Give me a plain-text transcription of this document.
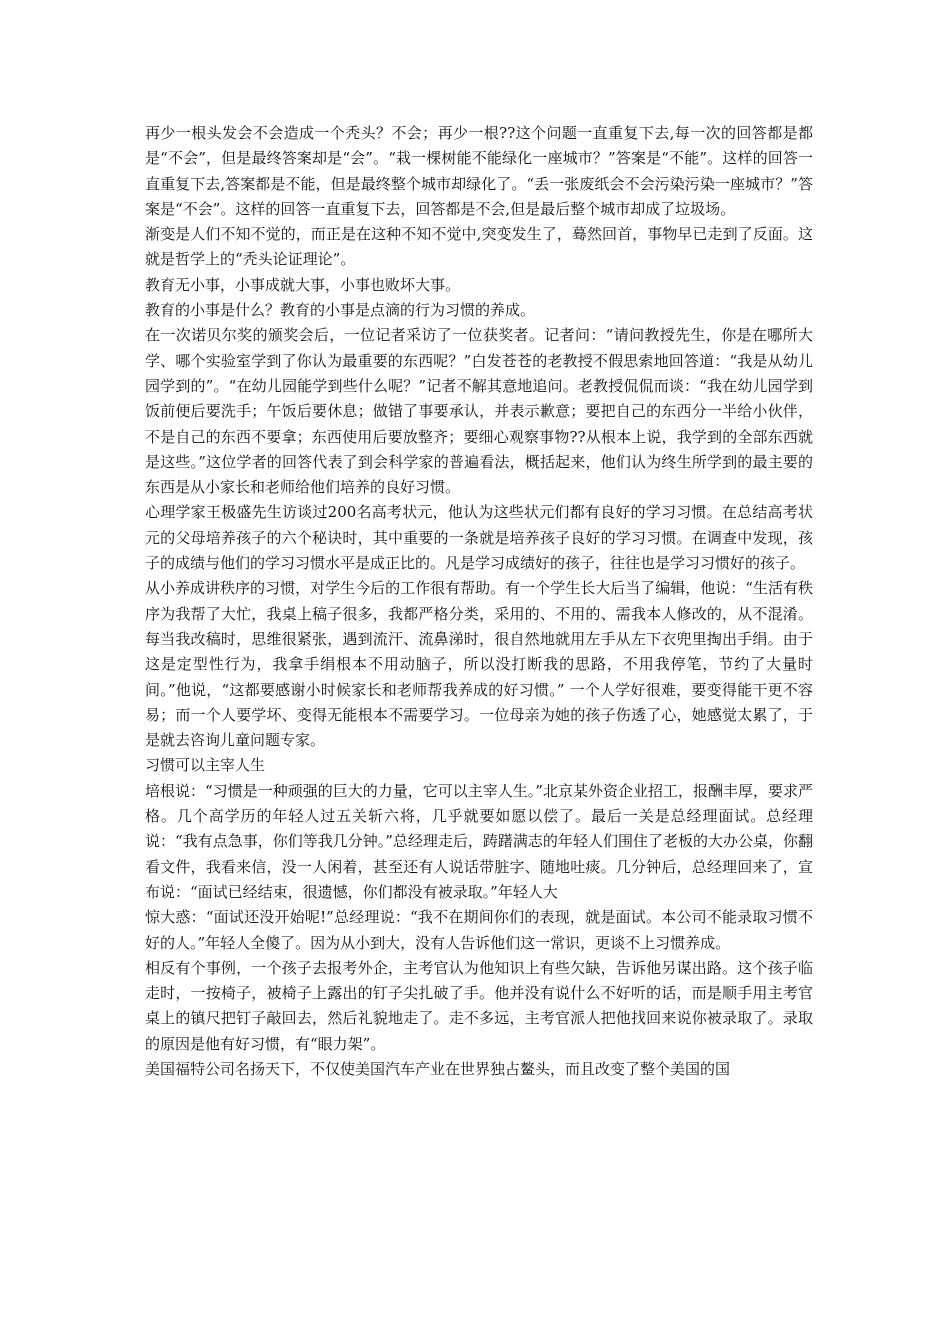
再少一根头发会不会造成一个秃头？不会；再少一根??这个问题一直重复下去,每一次的回答都是都是“不会”，但是最终答案却是“会”。“栽一棵树能不能绿化一座城市？”答案是“不能”。这样的回答一直重复下去,答案都是不能，但是最终整个城市却绿化了。“丢一张废纸会不会污染污染一座城市？”答案是“不会”。这样的回答一直重复下去，回答都是不会,但是最后整个城市却成了垃圾场。

渐变是人们不知不觉的，而正是在这种不知不觉中,突变发生了，蓦然回首，事物早已走到了反面。这就是哲学上的“秃头论证理论”。

教育无小事，小事成就大事，小事也败坏大事。

教育的小事是什么？教育的小事是点滴的行为习惯的养成。

在一次诺贝尔奖的颁奖会后，一位记者采访了一位获奖者。记者问：“请问教授先生，你是在哪所大学、哪个实验室学到了你认为最重要的东西呢？”白发苍苍的老教授不假思索地回答道：“我是从幼儿园学到的”。“在幼儿园能学到些什么呢？”记者不解其意地追问。老教授侃侃而谈：“我在幼儿园学到饭前便后要洗手；午饭后要休息；做错了事要承认，并表示歉意；要把自己的东西分一半给小伙伴，不是自己的东西不要拿；东西使用后要放整齐；要细心观察事物??从根本上说，我学到的全部东西就是这些。”这位学者的回答代表了到会科学家的普遍看法，概括起来，他们认为终生所学到的最主要的东西是从小家长和老师给他们培养的良好习惯。

心理学家王极盛先生访谈过200名高考状元，他认为这些状元们都有良好的学习习惯。在总结高考状元的父母培养孩子的六个秘诀时，其中重要的一条就是培养孩子良好的学习习惯。在调查中发现，孩子的成绩与他们的学习习惯水平是成正比的。凡是学习成绩好的孩子，往往也是学习习惯好的孩子。

从小养成讲秩序的习惯，对学生今后的工作很有帮助。有一个学生长大后当了编辑，他说：“生活有秩序为我帮了大忙，我桌上稿子很多，我都严格分类，采用的、不用的、需我本人修改的，从不混淆。每当我改稿时，思维很紧张，遇到流汗、流鼻涕时，很自然地就用左手从左下衣兜里掏出手绢。由于这是定型性行为，我拿手绢根本不用动脑子，所以没打断我的思路，不用我停笔，节约了大量时间。”他说，“这都要感谢小时候家长和老师帮我养成的好习惯。” 一个人学好很难，要变得能干更不容易；而一个人要学坏、变得无能根本不需要学习。一位母亲为她的孩子伤透了心，她感觉太累了，于是就去咨询儿童问题专家。

习惯可以主宰人生

培根说：“习惯是一种顽强的巨大的力量，它可以主宰人生。”北京某外资企业招工，报酬丰厚，要求严格。几个高学历的年轻人过五关斩六将，几乎就要如愿以偿了。最后一关是总经理面试。总经理说：“我有点急事，你们等我几分钟。”总经理走后，踌躇满志的年轻人们围住了老板的大办公桌，你翻看文件，我看来信，没一人闲着，甚至还有人说话带脏字、随地吐痰。几分钟后，总经理回来了，宣布说：“面试已经结束，很遗憾，你们都没有被录取。”年轻人大

惊大惑：“面试还没开始呢!”总经理说：“我不在期间你们的表现，就是面试。本公司不能录取习惯不好的人。”年轻人全傻了。因为从小到大，没有人告诉他们这一常识，更谈不上习惯养成。

相反有个事例，一个孩子去报考外企，主考官认为他知识上有些欠缺，告诉他另谋出路。这个孩子临走时，一按椅子，被椅子上露出的钉子尖扎破了手。他并没有说什么不好听的话，而是顺手用主考官桌上的镇尺把钉子敲回去，然后礼貌地走了。走不多远，主考官派人把他找回来说你被录取了。录取的原因是他有好习惯，有“眼力架”。

美国福特公司名扬天下，不仅使美国汽车产业在世界独占鳌头，而且改变了整个美国的国
